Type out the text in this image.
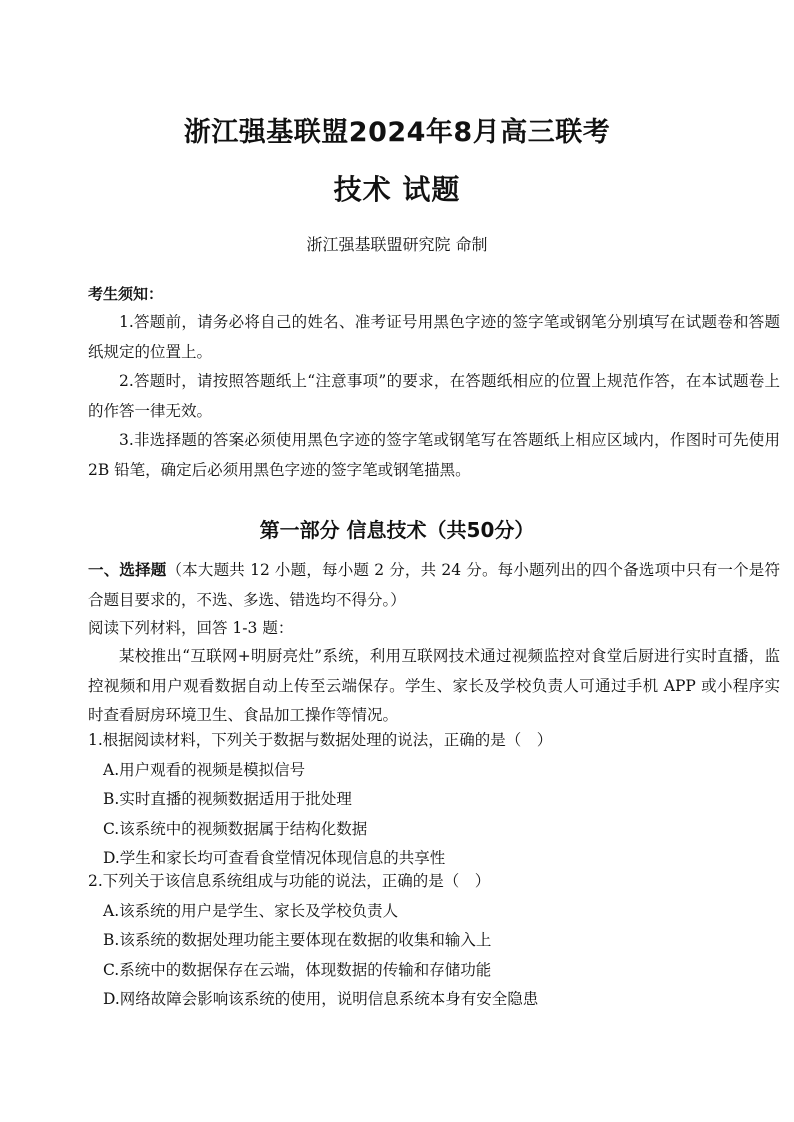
浙江强基联盟2024年8月高三联考
技术 试题
浙江强基联盟研究院 命制
考生须知：

1.答题前，请务必将自己的姓名、准考证号用黑色字迹的签字笔或钢笔分别填写在试题卷和答题纸规定的位置上。

2.答题时，请按照答题纸上“注意事项”的要求，在答题纸相应的位置上规范作答，在本试题卷上的作答一律无效。

3.非选择题的答案必须使用黑色字迹的签字笔或钢笔写在答题纸上相应区域内，作图时可先使用 2B 铅笔，确定后必须用黑色字迹的签字笔或钢笔描黑。

第一部分 信息技术（共50分）

一、选择题（本大题共 12 小题，每小题 2 分，共 24 分。每小题列出的四个备选项中只有一个是符合题目要求的，不选、多选、错选均不得分。）

阅读下列材料，回答 1-3 题：

某校推出“互联网+明厨亮灶”系统，利用互联网技术通过视频监控对食堂后厨进行实时直播，监控视频和用户观看数据自动上传至云端保存。学生、家长及学校负责人可通过手机 APP 或小程序实时查看厨房环境卫生、食品加工操作等情况。

1.根据阅读材料，下列关于数据与数据处理的说法，正确的是（　）

A.用户观看的视频是模拟信号

B.实时直播的视频数据适用于批处理

C.该系统中的视频数据属于结构化数据

D.学生和家长均可查看食堂情况体现信息的共享性

2.下列关于该信息系统组成与功能的说法，正确的是（　）

A.该系统的用户是学生、家长及学校负责人

B.该系统的数据处理功能主要体现在数据的收集和输入上

C.系统中的数据保存在云端，体现数据的传输和存储功能

D.网络故障会影响该系统的使用，说明信息系统本身有安全隐患
